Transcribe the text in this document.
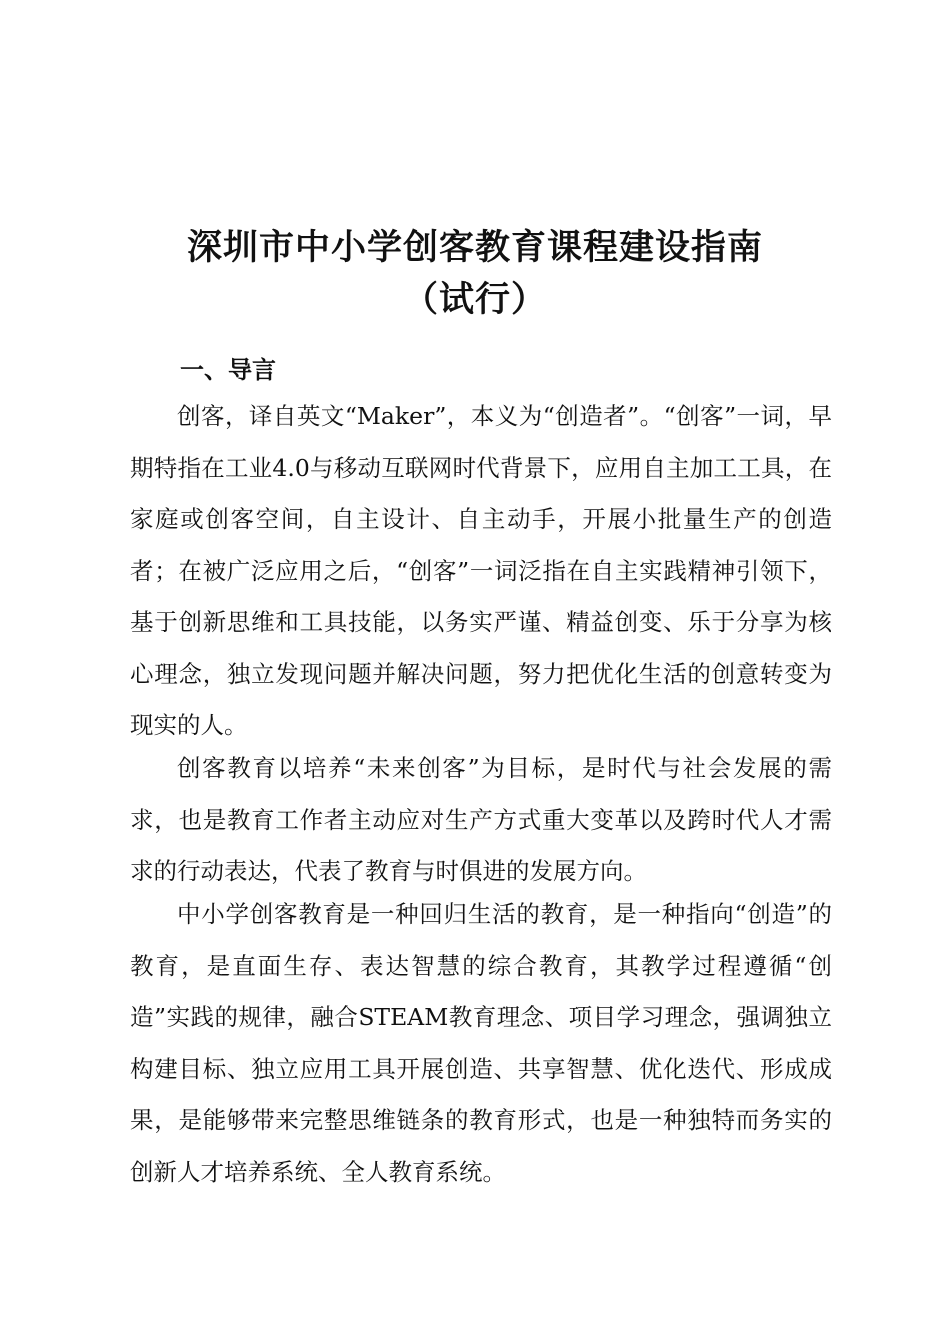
深圳市中小学创客教育课程建设指南
（试行）
一、导言

创客，译自英文“Maker”，本义为“创造者”。“创客”一词，早期特指在工业4.0与移动互联网时代背景下，应用自主加工工具，在家庭或创客空间，自主设计、自主动手，开展小批量生产的创造者；在被广泛应用之后，“创客”一词泛指在自主实践精神引领下，基于创新思维和工具技能，以务实严谨、精益创变、乐于分享为核心理念，独立发现问题并解决问题，努力把优化生活的创意转变为现实的人。

创客教育以培养“未来创客”为目标，是时代与社会发展的需求，也是教育工作者主动应对生产方式重大变革以及跨时代人才需求的行动表达，代表了教育与时俱进的发展方向。

中小学创客教育是一种回归生活的教育，是一种指向“创造”的教育，是直面生存、表达智慧的综合教育，其教学过程遵循“创造”实践的规律，融合STEAM教育理念、项目学习理念，强调独立构建目标、独立应用工具开展创造、共享智慧、优化迭代、形成成果，是能够带来完整思维链条的教育形式，也是一种独特而务实的创新人才培养系统、全人教育系统。
